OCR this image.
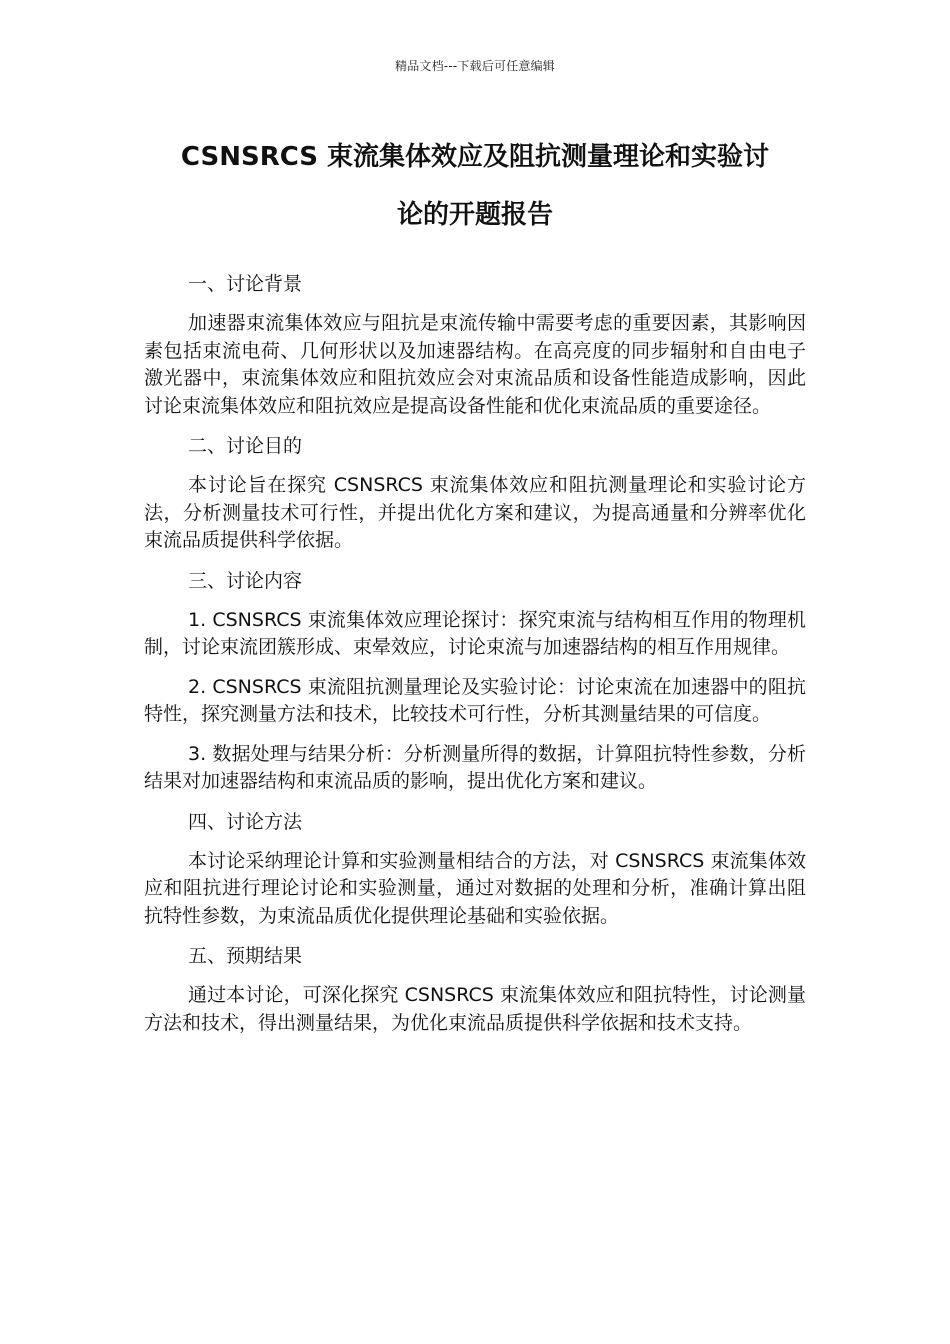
精品文档---下载后可任意编辑
CSNSRCS 束流集体效应及阻抗测量理论和实验讨
论的开题报告

一、讨论背景

加速器束流集体效应与阻抗是束流传输中需要考虑的重要因素，其影响因素包括束流电荷、几何形状以及加速器结构。在高亮度的同步辐射和自由电子激光器中，束流集体效应和阻抗效应会对束流品质和设备性能造成影响，因此讨论束流集体效应和阻抗效应是提高设备性能和优化束流品质的重要途径。

二、讨论目的

本讨论旨在探究 CSNSRCS 束流集体效应和阻抗测量理论和实验讨论方法，分析测量技术可行性，并提出优化方案和建议，为提高通量和分辨率优化束流品质提供科学依据。

三、讨论内容

1. CSNSRCS 束流集体效应理论探讨：探究束流与结构相互作用的物理机制，讨论束流团簇形成、束晕效应，讨论束流与加速器结构的相互作用规律。

2. CSNSRCS 束流阻抗测量理论及实验讨论：讨论束流在加速器中的阻抗特性，探究测量方法和技术，比较技术可行性，分析其测量结果的可信度。

3. 数据处理与结果分析：分析测量所得的数据，计算阻抗特性参数，分析结果对加速器结构和束流品质的影响，提出优化方案和建议。

四、讨论方法

本讨论采纳理论计算和实验测量相结合的方法，对 CSNSRCS 束流集体效应和阻抗进行理论讨论和实验测量，通过对数据的处理和分析，准确计算出阻抗特性参数，为束流品质优化提供理论基础和实验依据。

五、预期结果

通过本讨论，可深化探究 CSNSRCS 束流集体效应和阻抗特性，讨论测量方法和技术，得出测量结果，为优化束流品质提供科学依据和技术支持。
